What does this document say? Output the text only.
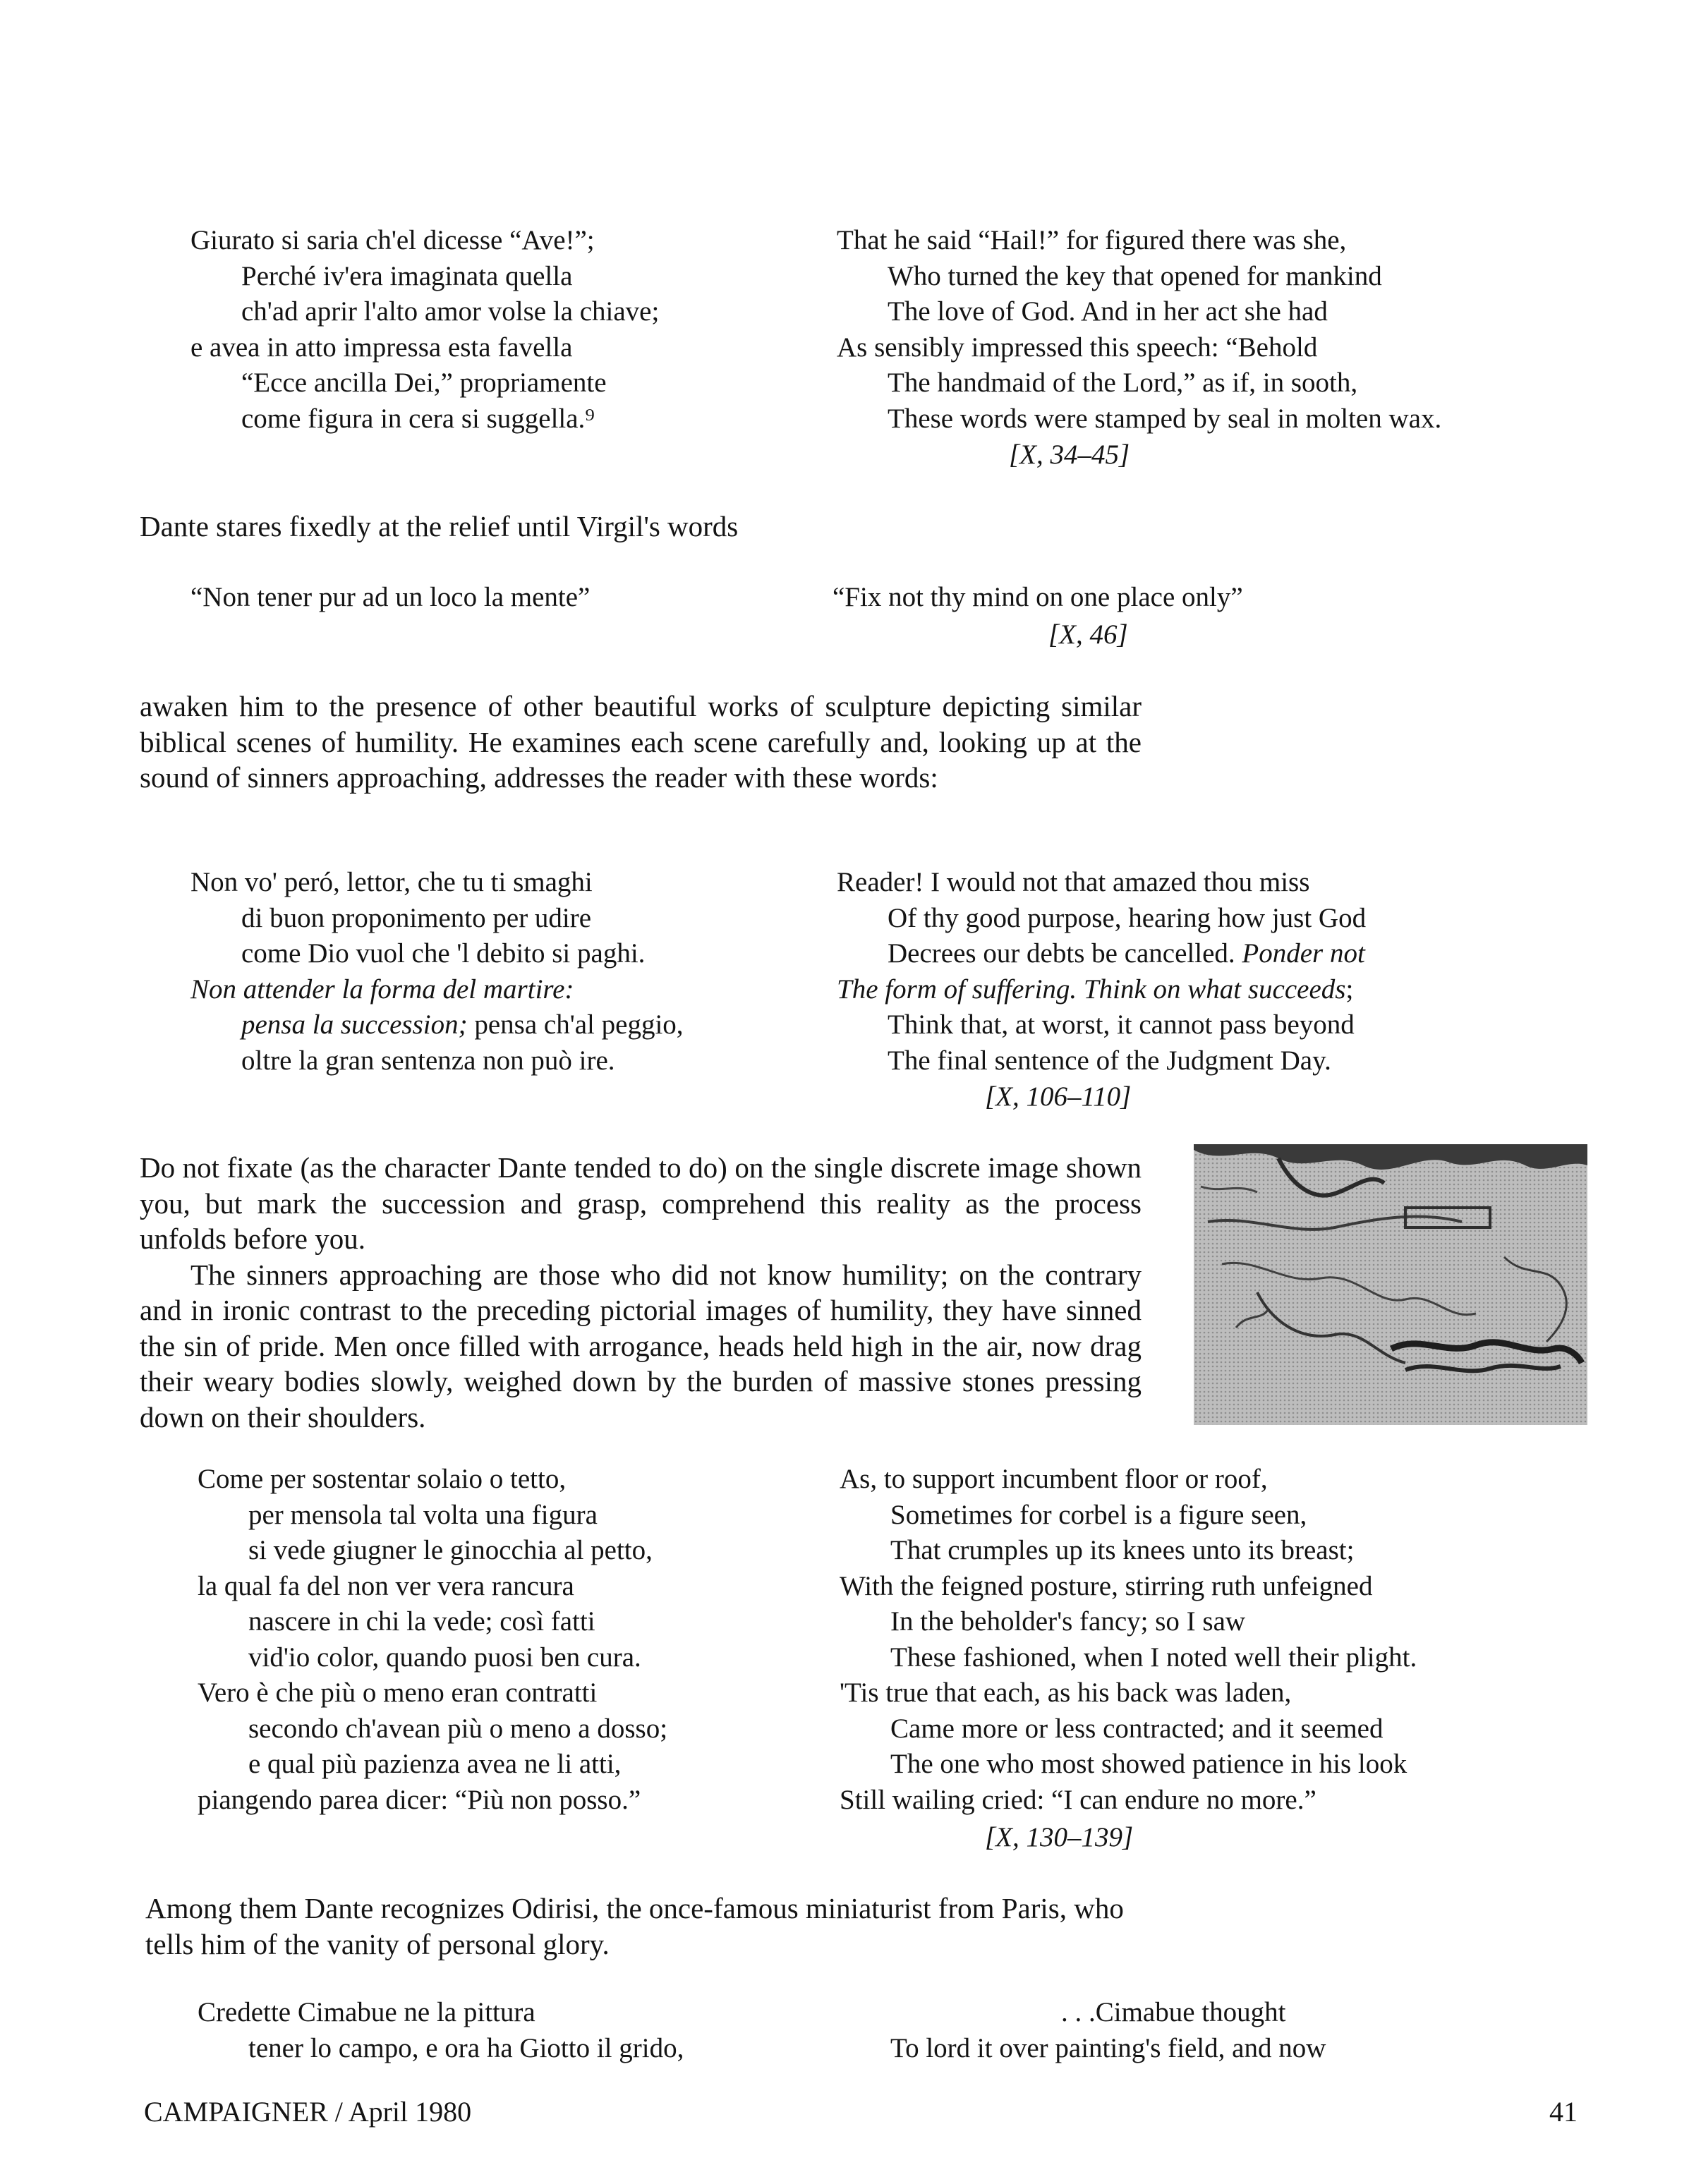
Giurato si saria ch'el dicesse “Ave!”;
Perché iv'era imaginata quella
ch'ad aprir l'alto amor volse la chiave;
e avea in atto impressa esta favella
“Ecce ancilla Dei,” propriamente
come figura in cera si suggella.⁹
That he said “Hail!” for figured there was she,
Who turned the key that opened for mankind
The love of God. And in her act she had
As sensibly impressed this speech: “Behold
The handmaid of the Lord,” as if, in sooth,
These words were stamped by seal in molten wax.
[X, 34–45]
Dante stares fixedly at the relief until Virgil's words
“Non tener pur ad un loco la mente”	“Fix not thy mind on one place only”
[X, 46]

awaken him to the presence of other beautiful works of sculpture depicting similar biblical scenes of humility. He examines each scene carefully and, looking up at the sound of sinners approaching, addresses the reader with these words:

Non vo' peró, lettor, che tu ti smaghi
di buon proponimento per udire
come Dio vuol che 'l debito si paghi.
Non attender la forma del martire:
pensa la succession; pensa ch'al peggio,
oltre la gran sentenza non può ire.
Reader! I would not that amazed thou miss
Of thy good purpose, hearing how just God
Decrees our debts be cancelled. Ponder not
The form of suffering. Think on what succeeds;
Think that, at worst, it cannot pass beyond
The final sentence of the Judgment Day.
[X, 106–110]

Do not fixate (as the character Dante tended to do) on the single discrete image shown you, but mark the succession and grasp, comprehend this reality as the process unfolds before you.

The sinners approaching are those who did not know humility; on the contrary and in ironic contrast to the preceding pictorial images of humility, they have sinned the sin of pride. Men once filled with arrogance, heads held high in the air, now drag their weary bodies slowly, weighed down by the burden of massive stones pressing down on their shoulders.

Come per sostentar solaio o tetto,
per mensola tal volta una figura
si vede giugner le ginocchia al petto,
la qual fa del non ver vera rancura
nascere in chi la vede; così fatti
vid'io color, quando puosi ben cura.
Vero è che più o meno eran contratti
secondo ch'avean più o meno a dosso;
e qual più pazienza avea ne li atti,
piangendo parea dicer: “Più non posso.”
As, to support incumbent floor or roof,
Sometimes for corbel is a figure seen,
That crumples up its knees unto its breast;
With the feigned posture, stirring ruth unfeigned
In the beholder's fancy; so I saw
These fashioned, when I noted well their plight.
'Tis true that each, as his back was laden,
Came more or less contracted; and it seemed
The one who most showed patience in his look
Still wailing cried: “I can endure no more.”
[X, 130–139]

Among them Dante recognizes Odirisi, the once-famous miniaturist from Paris, who tells him of the vanity of personal glory.

Credette Cimabue ne la pittura
tener lo campo, e ora ha Giotto il grido,
. . .Cimabue thought
To lord it over painting's field, and now
CAMPAIGNER / April 1980	41
